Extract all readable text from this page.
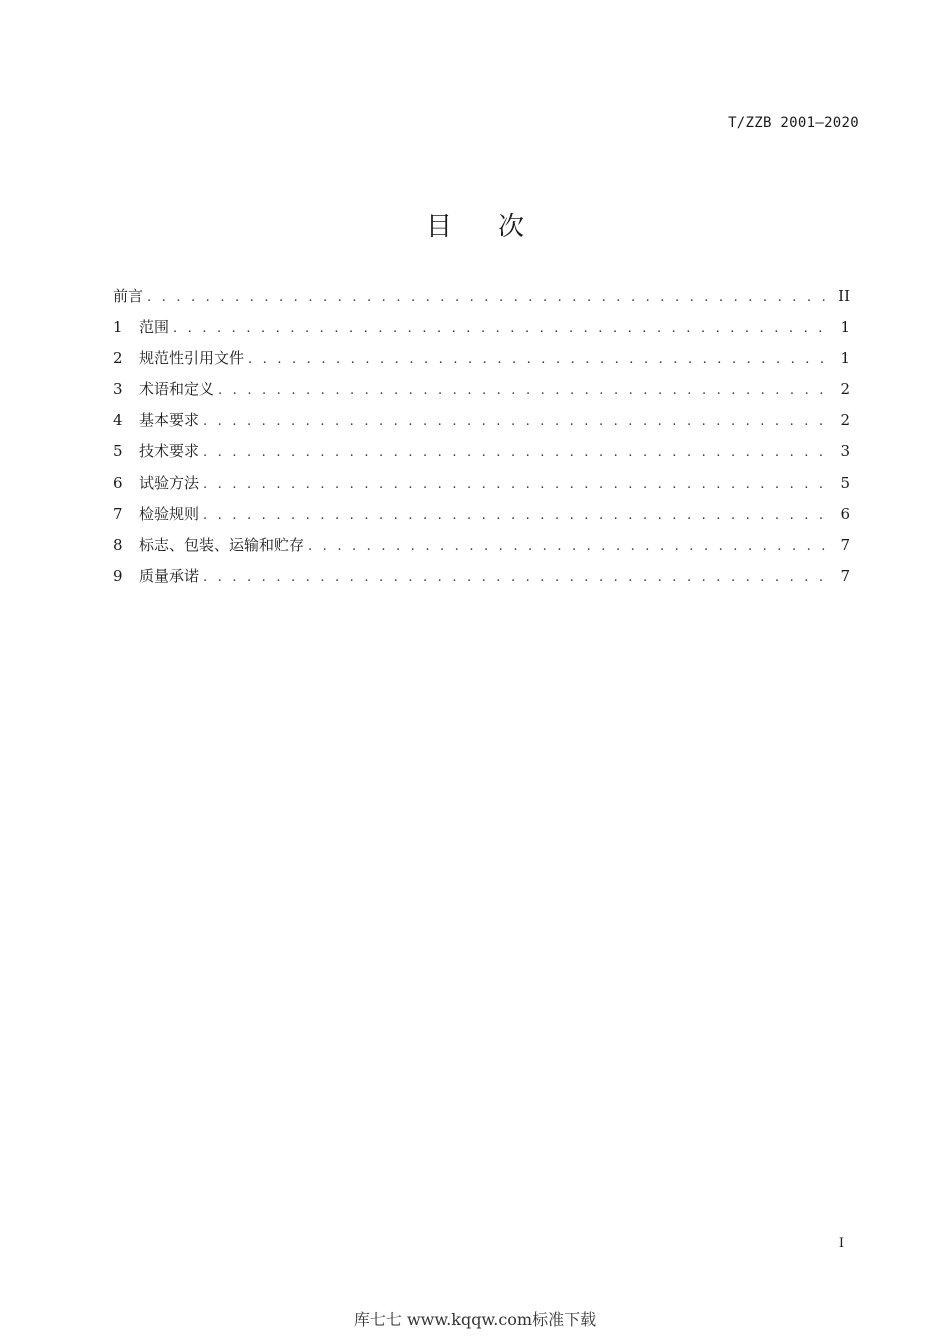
T/ZZB 2001—2020
目次
前言 . . .	II
1	范围 . . .	1
2	规范性引用文件 . . .	1
3	术语和定义 . . .	2
4	基本要求 . . .	2
5	技术要求 . . .	3
6	试验方法 . . .	5
7	检验规则 . . .	6
8	标志、包装、运输和贮存 . . .	7
9	质量承诺 . . .	7
I
库七七 www.kqqw.com标准下载
